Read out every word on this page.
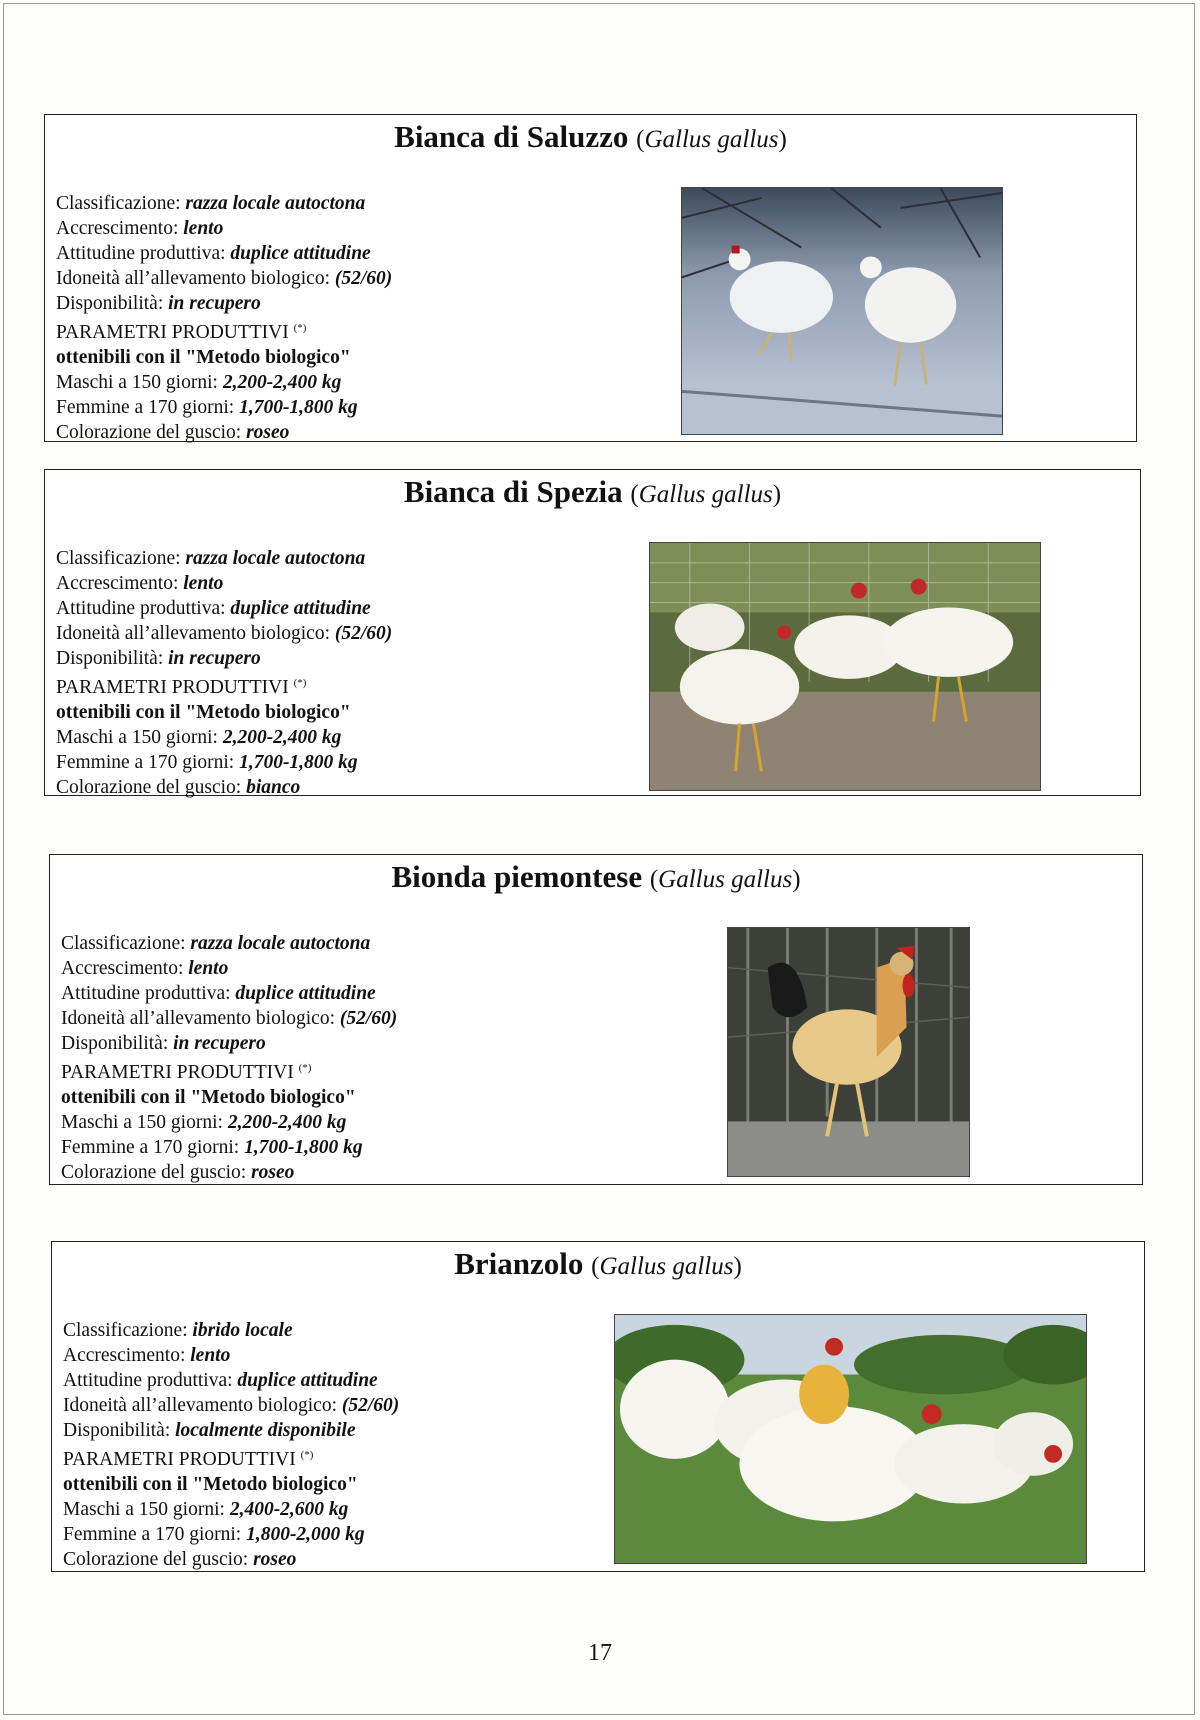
Bianca di Saluzzo (Gallus gallus)
Classificazione: razza locale autoctona
Accrescimento: lento
Attitudine produttiva: duplice attitudine
Idoneità all’allevamento biologico: (52/60)
Disponibilità: in recupero
PARAMETRI PRODUTTIVI (*)
ottenibili con il "Metodo biologico"
Maschi a 150 giorni: 2,200-2,400 kg
Femmine a 170 giorni: 1,700-1,800 kg
Colorazione del guscio: roseo
Bianca di Spezia (Gallus gallus)
Classificazione: razza locale autoctona
Accrescimento: lento
Attitudine produttiva: duplice attitudine
Idoneità all’allevamento biologico: (52/60)
Disponibilità: in recupero
PARAMETRI PRODUTTIVI (*)
ottenibili con il "Metodo biologico"
Maschi a 150 giorni: 2,200-2,400 kg
Femmine a 170 giorni: 1,700-1,800 kg
Colorazione del guscio: bianco
Bionda piemontese (Gallus gallus)
Classificazione: razza locale autoctona
Accrescimento: lento
Attitudine produttiva: duplice attitudine
Idoneità all’allevamento biologico: (52/60)
Disponibilità: in recupero
PARAMETRI PRODUTTIVI (*)
ottenibili con il "Metodo biologico"
Maschi a 150 giorni: 2,200-2,400 kg
Femmine a 170 giorni: 1,700-1,800 kg
Colorazione del guscio: roseo
Brianzolo (Gallus gallus)
Classificazione: ibrido locale
Accrescimento: lento
Attitudine produttiva: duplice attitudine
Idoneità all’allevamento biologico: (52/60)
Disponibilità: localmente disponibile
PARAMETRI PRODUTTIVI (*)
ottenibili con il "Metodo biologico"
Maschi a 150 giorni: 2,400-2,600 kg
Femmine a 170 giorni: 1,800-2,000 kg
Colorazione del guscio: roseo
17
